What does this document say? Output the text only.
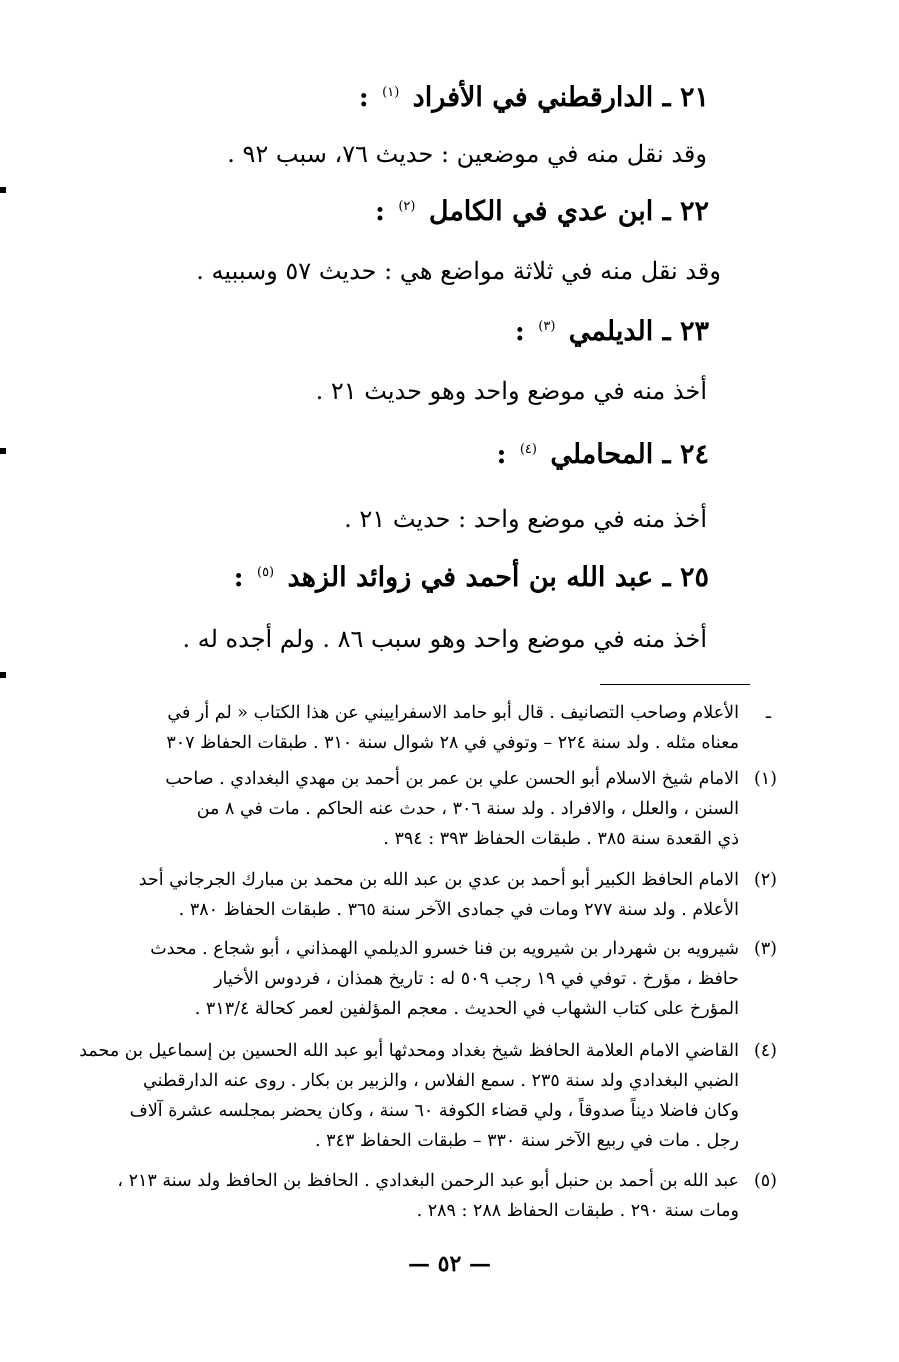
٢١ ـ الدارقطني في الأفراد $^{(١)}$ :
وقد نقل منه في موضعين : حديث ٧٦، سبب ٩٢ .
٢٢ ـ ابن عدي في الكامل $^{(٢)}$ :
وقد نقل منه في ثلاثة مواضع هي : حديث ٥٧ وسببيه .
٢٣ ـ الديلمي $^{(٣)}$ :
أخذ منه في موضع واحد وهو حديث ٢١ .
٢٤ ـ المحاملي $^{(٤)}$ :
أخذ منه في موضع واحد : حديث ٢١ .
٢٥ ـ عبد الله بن أحمد في زوائد الزهد $^{(٥)}$ :
أخذ منه في موضع واحد وهو سبب ٨٦ . ولم أجده له .
ـ
الأعلام وصاحب التصانيف . قال أبو حامد الاسفراييني عن هذا الكتاب « لم أر في
معناه مثله . ولد سنة ٢٢٤ – وتوفي في ٢٨ شوال سنة ٣١٠ . طبقات الحفاظ ٣٠٧
(١)
الامام شيخ الاسلام أبو الحسن علي بن عمر بن أحمد بن مهدي البغدادي . صاحب
السنن ، والعلل ، والافراد . ولد سنة ٣٠٦ ، حدث عنه الحاكم . مات في ٨ من
ذي القعدة سنة ٣٨٥ . طبقات الحفاظ ٣٩٣ : ٣٩٤ .
(٢)
الامام الحافظ الكبير أبو أحمد بن عدي بن عبد الله بن محمد بن مبارك الجرجاني أحد
الأعلام . ولد سنة ٢٧٧ ومات في جمادى الآخر سنة ٣٦٥ . طبقات الحفاظ ٣٨٠ .
(٣)
شيرويه بن شهردار بن شيرويه بن فنا خسرو الديلمي الهمذاني ، أبو شجاع . محدث
حافظ ، مؤرخ . توفي في ١٩ رجب ٥٠٩ له : تاريخ همذان ، فردوس الأخيار
المؤرخ على كتاب الشهاب في الحديث . معجم المؤلفين لعمر كحالة ٣١٣/٤ .
(٤)
القاضي الامام العلامة الحافظ شيخ بغداد ومحدثها أبو عبد الله الحسين بن إسماعيل بن محمد
الضبي البغدادي ولد سنة ٢٣٥ . سمع الفلاس ، والزبير بن بكار . روى عنه الدارقطني
وكان فاضلا ديناً صدوقاً ، ولي قضاء الكوفة ٦٠ سنة ، وكان يحضر بمجلسه عشرة آلاف
رجل . مات في ربيع الآخر سنة ٣٣٠ – طبقات الحفاظ ٣٤٣ .
(٥)
عبد الله بن أحمد بن حنبل أبو عبد الرحمن البغدادي . الحافظ بن الحافظ ولد سنة ٢١٣ ،
ومات سنة ٢٩٠ . طبقات الحفاظ ٢٨٨ : ٢٨٩ .
— ٥٢ —
